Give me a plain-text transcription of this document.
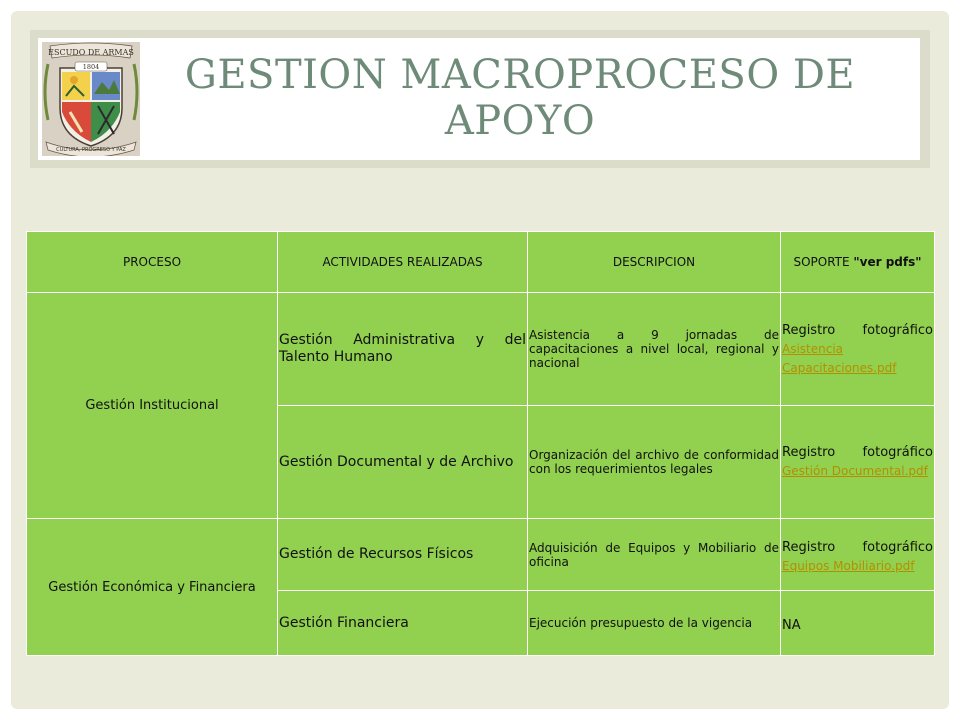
ESCUDO DE ARMAS
1804
CULTURA, PROGRESO Y PAZ
GESTION MACROPROCESO DE
APOYO
PROCESO	ACTIVIDADES REALIZADAS	DESCRIPCION	SOPORTE "ver pdfs"
Gestión Institucional	Gestión Administrativa y del Talento Humano	Asistencia a 9 jornadas de capacitaciones a nivel local, regional y nacional	Registro fotográfico
Asistencia Capacitaciones.pdf

	Gestión Documental y de Archivo	Organización del archivo de conformidad con los requerimientos legales	Registro fotográfico
Gestión Documental.pdf

Gestión Económica y Financiera	Gestión de Recursos Físicos	Adquisición de Equipos y Mobiliario de oficina	Registro fotográfico
Equipos Mobiliario.pdf

	Gestión Financiera	Ejecución presupuesto de la vigencia	NA
